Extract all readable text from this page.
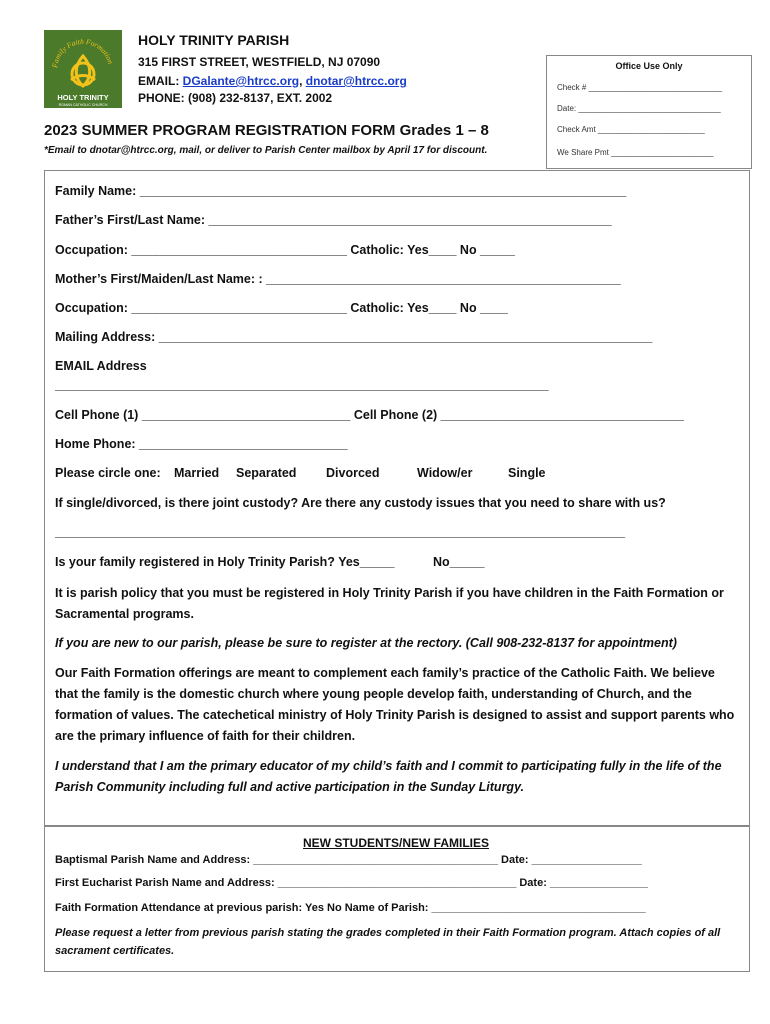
Family Faith Formation
HOLY TRINITY
ROMAN CATHOLIC CHURCH
HOLY TRINITY PARISH
315 FIRST STREET, WESTFIELD, NJ 07090
EMAIL: DGalante@htrcc.org, dnotar@htrcc.org
PHONE: (908) 232-8137, EXT. 2002
Office Use Only
Check # ______________________________
Date: ________________________________
Check Amt ________________________
We Share Pmt _______________________
2023 SUMMER PROGRAM REGISTRATION FORM Grades 1 – 8
*Email to dnotar@htrcc.org, mail, or deliver to Parish Center mailbox by April 17 for discount.
Family Name: ______________________________________________________________________
Father’s First/Last Name: __________________________________________________________
Occupation: _______________________________ Catholic: Yes____ No _____
Mother’s First/Maiden/Last Name: : ___________________________________________________
Occupation: _______________________________ Catholic: Yes____ No ____
Mailing Address: _______________________________________________________________________
EMAIL Address
_______________________________________________________________________
Cell Phone (1) ______________________________ Cell Phone (2) ___________________________________
Home Phone: ______________________________
Please circle one: Married Separated Divorced	Widow/er	Single
If single/divorced, is there joint custody? Are there any custody issues that you need to share with us?
__________________________________________________________________________________
Is your family registered in Holy Trinity Parish? Yes_____	No_____
It is parish policy that you must be registered in Holy Trinity Parish if you have children in the Faith Formation or Sacramental programs.
If you are new to our parish, please be sure to register at the rectory. (Call 908-232-8137 for appointment)
Our Faith Formation offerings are meant to complement each family’s practice of the Catholic Faith. We believe that the family is the domestic church where young people develop faith, understanding of Church, and the formation of values. The catechetical ministry of Holy Trinity Parish is designed to assist and support parents who are the primary influence of faith for their children.
I understand that I am the primary educator of my child’s faith and I commit to participating fully in the life of the Parish Community including full and active participation in the Sunday Liturgy.
NEW STUDENTS/NEW FAMILIES
Baptismal Parish Name and Address: ________________________________________ Date: __________________
First Eucharist Parish Name and Address: _______________________________________ Date: ________________
Faith Formation Attendance at previous parish: Yes No Name of Parish: ___________________________________
Please request a letter from previous parish stating the grades completed in their Faith Formation program. Attach copies of all sacrament certificates.
